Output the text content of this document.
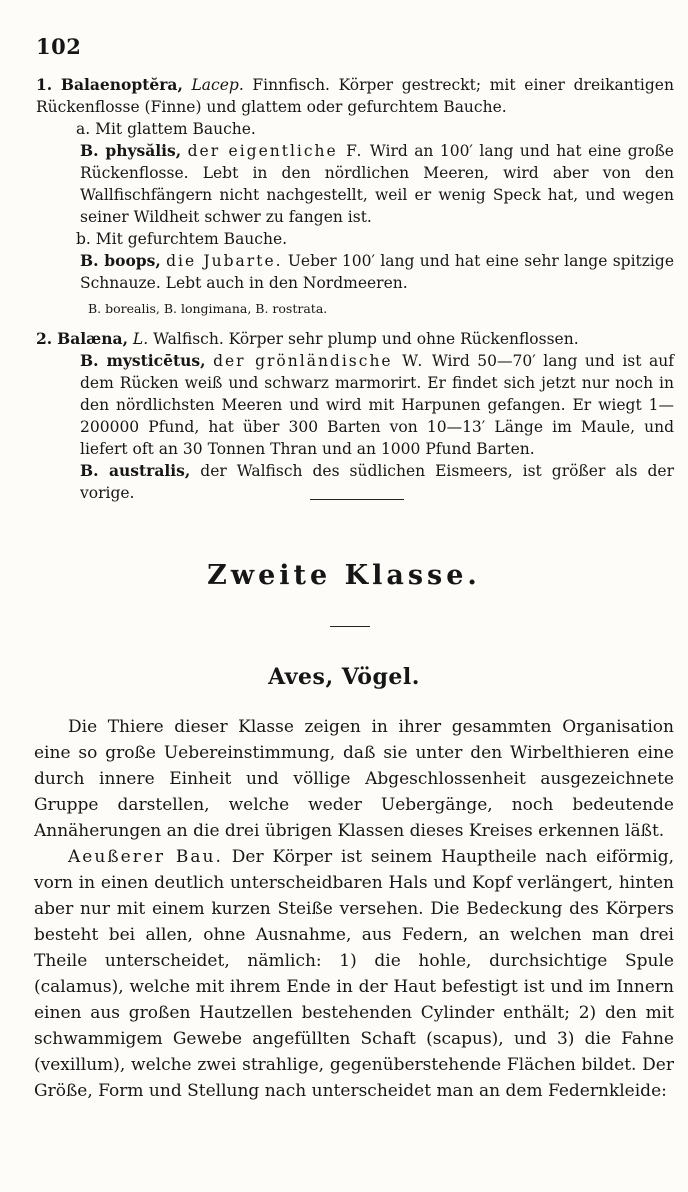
102

1. Balaenoptĕra, Lacep. Finnfisch. Körper gestreckt; mit einer dreikantigen Rückenflosse (Finne) und glattem oder gefurchtem Bauche.

a. Mit glattem Bauche.

B. physălis, der eigentliche F. Wird an 100′ lang und hat eine große Rückenflosse. Lebt in den nördlichen Meeren, wird aber von den Wallfischfängern nicht nachgestellt, weil er wenig Speck hat, und wegen seiner Wildheit schwer zu fangen ist.

b. Mit gefurchtem Bauche.

B. boops, die Jubarte. Ueber 100′ lang und hat eine sehr lange spitzige Schnauze. Lebt auch in den Nordmeeren.

B. borealis, B. longimana, B. rostrata.

2. Balæna, L. Walfisch. Körper sehr plump und ohne Rückenflossen.

B. mysticētus, der grönländische W. Wird 50—70′ lang und ist auf dem Rücken weiß und schwarz marmorirt. Er findet sich jetzt nur noch in den nördlichsten Meeren und wird mit Harpunen gefangen. Er wiegt 1—200000 Pfund, hat über 300 Barten von 10—13′ Länge im Maule, und liefert oft an 30 Tonnen Thran und an 1000 Pfund Barten.

B. australis, der Walfisch des südlichen Eismeers, ist größer als der vorige.

Zweite Klasse.
Aves, Vögel.

Die Thiere dieser Klasse zeigen in ihrer gesammten Organisation eine so große Uebereinstimmung, daß sie unter den Wirbelthieren eine durch innere Einheit und völlige Abgeschlossenheit ausgezeichnete Gruppe darstellen, welche weder Uebergänge, noch bedeutende Annäherungen an die drei übrigen Klassen dieses Kreises erkennen läßt.

Aeußerer Bau. Der Körper ist seinem Hauptheile nach eiförmig, vorn in einen deutlich unterscheidbaren Hals und Kopf verlängert, hinten aber nur mit einem kurzen Steiße versehen. Die Bedeckung des Körpers besteht bei allen, ohne Ausnahme, aus Federn, an welchen man drei Theile unterscheidet, nämlich: 1) die hohle, durchsichtige Spule (calamus), welche mit ihrem Ende in der Haut befestigt ist und im Innern einen aus großen Hautzellen bestehenden Cylinder enthält; 2) den mit schwammigem Gewebe angefüllten Schaft (scapus), und 3) die Fahne (vexillum), welche zwei strahlige, gegenüberstehende Flächen bildet. Der Größe, Form und Stellung nach unterscheidet man an dem Federnkleide:
